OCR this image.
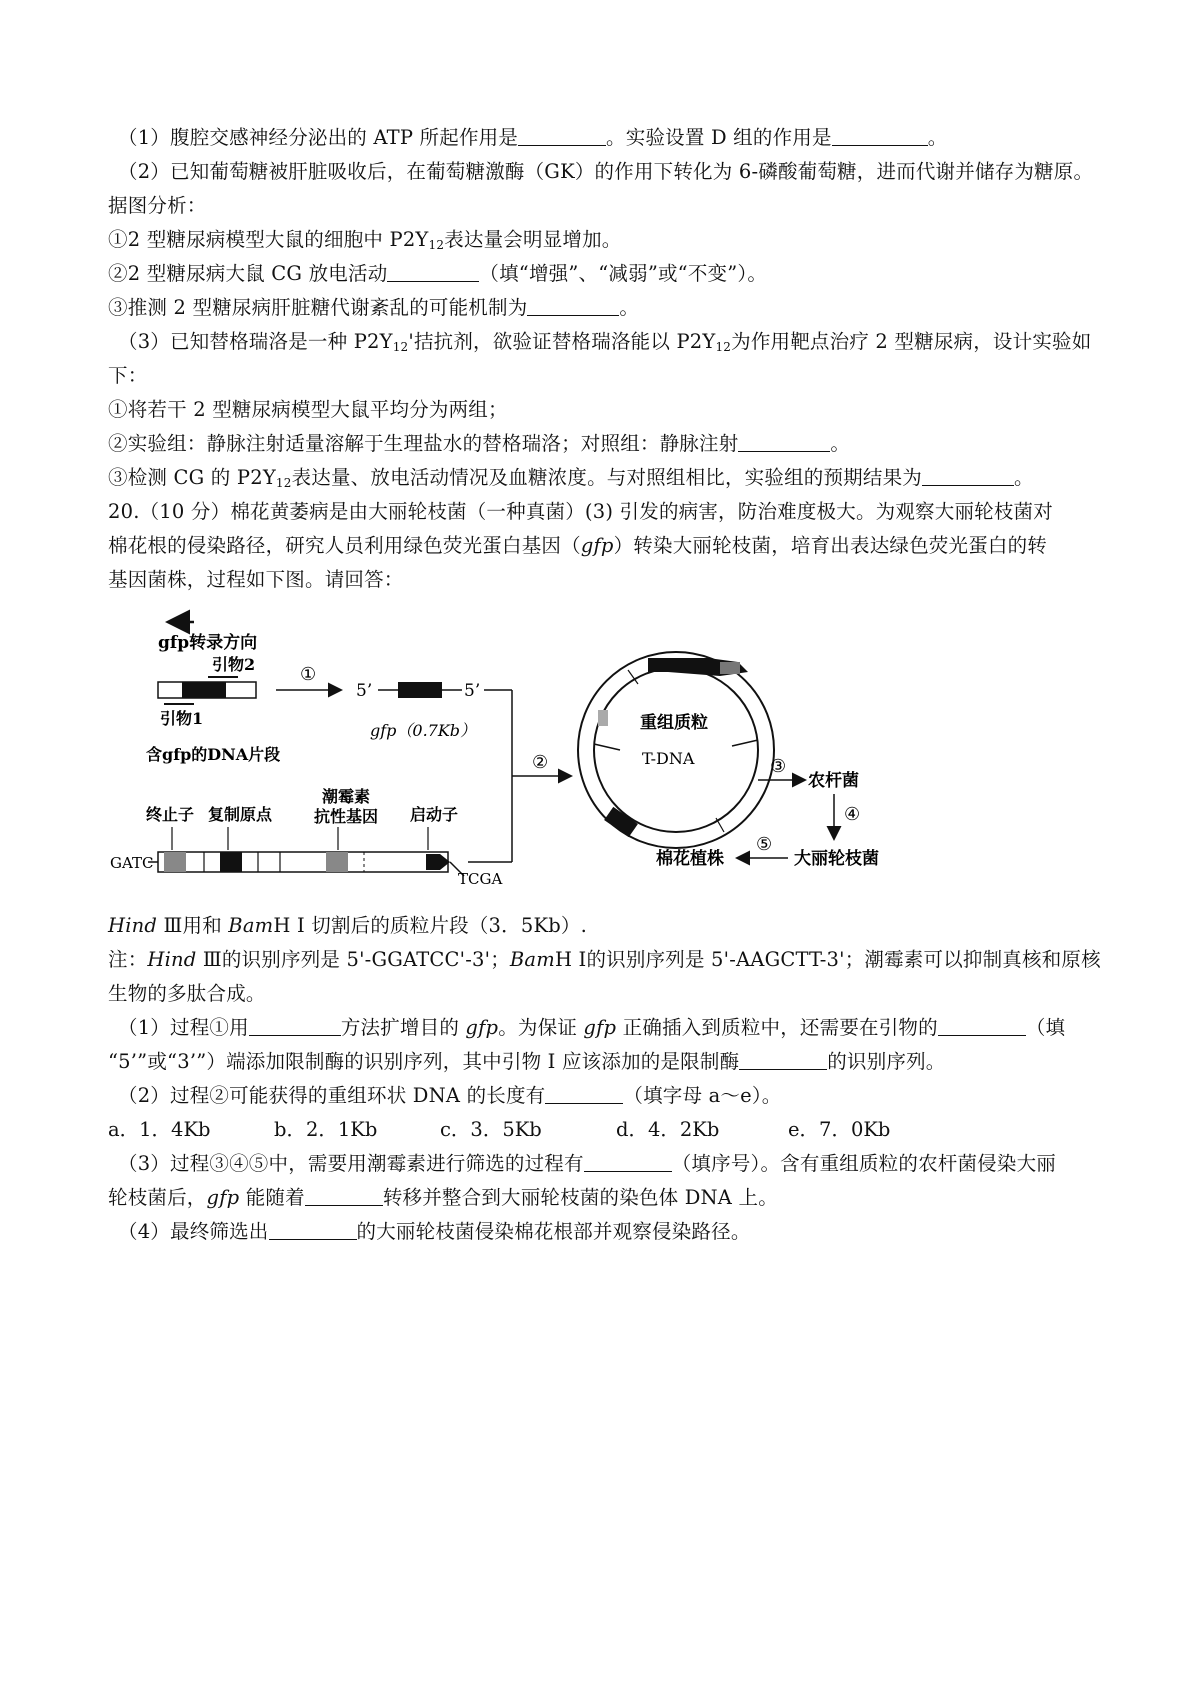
（1）腹腔交感神经分泌出的 ATP 所起作用是	。实验设置 D 组的作用是	。
（2）已知葡萄糖被肝脏吸收后，在葡萄糖激酶（GK）的作用下转化为 6-磷酸葡萄糖，进而代谢并储存为糖原。
据图分析：
①2 型糖尿病模型大鼠的细胞中 $P2Y_{12}$表达量会明显增加。
②2 型糖尿病大鼠 CG 放电活动	（填“增强”、“减弱”或“不变”）。
③推测 2 型糖尿病肝脏糖代谢紊乱的可能机制为	。
（3）已知替格瑞洛是一种 $P2Y_{12}'$拮抗剂，欲验证替格瑞洛能以 $P2Y_{12}$为作用靶点治疗 2 型糖尿病，设计实验如
下：
①将若干 2 型糖尿病模型大鼠平均分为两组；
②实验组：静脉注射适量溶解于生理盐水的替格瑞洛；对照组：静脉注射	。
③检测 CG 的 $P2Y_{12}$表达量、放电活动情况及血糖浓度。与对照组相比，实验组的预期结果为	。
20.（10 分）棉花黄萎病是由大丽轮枝菌（一种真菌）(3) 引发的病害，防治难度极大。为观察大丽轮枝菌对
棉花根的侵染路径，研究人员利用绿色荧光蛋白基因（gfp）转染大丽轮枝菌，培育出表达绿色荧光蛋白的转
基因菌株，过程如下图。请回答：
gfp转录方向
引物2
引物1
含gfp的DNA片段
①
5’	5’
gfp（0.7Kb）
终止子 复制原点
潮霉素
抗性基因 启动子
GATC
TCGA
②
重组质粒
T-DNA	③
农杆菌
④
大丽轮枝菌
⑤
棉花植株
Hind Ⅲ用和 BamH Ⅰ 切割后的质粒片段（3．5Kb）.
注：Hind Ⅲ的识别序列是 5'-GGATCC'-3'；BamH Ⅰ的识别序列是 5'-AAGCTT-3'；潮霉素可以抑制真核和原核
生物的多肽合成。
（1）过程①用	方法扩增目的 gfp。为保证 gfp 正确插入到质粒中，还需要在引物的	（填
“5’”或“3’”）端添加限制酶的识别序列，其中引物 Ⅰ 应该添加的是限制酶	的识别序列。
（2）过程②可能获得的重组环状 DNA 的长度有	（填字母 a～e）。
a．1．4Kb	b．2．1Kb	c．3．5Kb	d．4．2Kb	e．7．0Kb
（3）过程③④⑤中，需要用潮霉素进行筛选的过程有	（填序号）。含有重组质粒的农杆菌侵染大丽
轮枝菌后，gfp 能随着	转移并整合到大丽轮枝菌的染色体 DNA 上。
（4）最终筛选出	的大丽轮枝菌侵染棉花根部并观察侵染路径。
